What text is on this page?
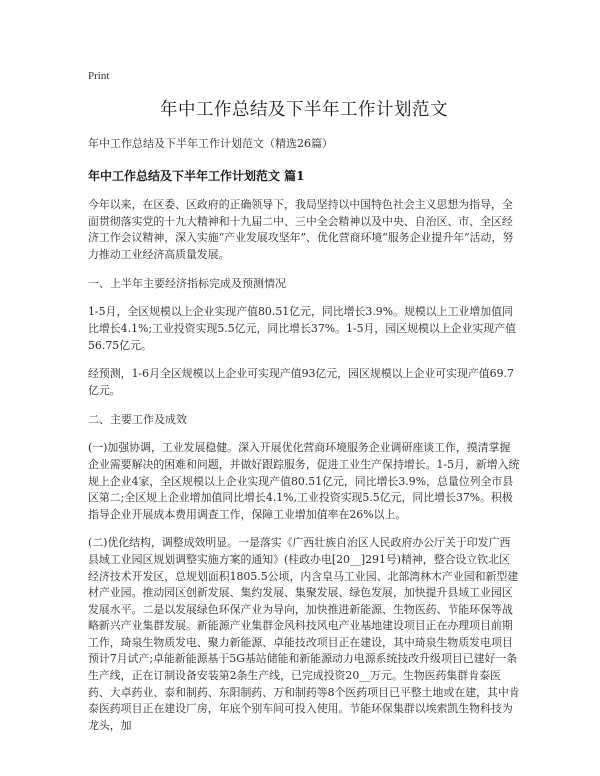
Print
年中工作总结及下半年工作计划范文

年中工作总结及下半年工作计划范文（精选26篇）

年中工作总结及下半年工作计划范文 篇1

今年以来，在区委、区政府的正确领导下，我局坚持以中国特色社会主义思想为指导，全面贯彻落实党的十九大精神和十九届二中、三中全会精神以及中央、自治区、市、全区经济工作会议精神，深入实施“产业发展攻坚年”、优化营商环境“服务企业提升年”活动，努力推动工业经济高质量发展。

一、上半年主要经济指标完成及预测情况

1-5月，全区规模以上企业实现产值80.51亿元，同比增长3.9%。规模以上工业增加值同比增长4.1%;工业投资实现5.5亿元，同比增长37%。1-5月，园区规模以上企业实现产值56.75亿元。

经预测，1-6月全区规模以上企业可实现产值93亿元，园区规模以上企业可实现产值69.7亿元。

二、主要工作及成效

(一)加强协调，工业发展稳健。深入开展优化营商环境服务企业调研座谈工作，摸清掌握企业需要解决的困难和问题，并做好跟踪服务，促进工业生产保持增长。1-5月，新增入统规上企业4家，全区规模以上企业实现产值80.51亿元，同比增长3.9%，总量位列全市县区第二;全区规上企业增加值同比增长4.1%,工业投资实现5.5亿元，同比增长37%。积极指导企业开展成本费用调查工作，保障工业增加值率在26%以上。

(二)优化结构，调整成效明显。一是落实《广西壮族自治区人民政府办公厅关于印发广西县域工业园区规划调整实施方案的通知》(桂政办电[20__]291号)精神，整合设立钦北区经济技术开发区，总规划面积1805.5公顷，内含皇马工业园、北部湾林木产业园和新型建材产业园。推动园区创新发展、集约发展、集聚发展、绿色发展，加快提升县域工业园区发展水平。二是以发展绿色环保产业为导向，加快推进新能源、生物医药、节能环保等战略新兴产业集群发展。新能源产业集群金风科技风电产业基地建设项目正在办理项目前期工作，琦泉生物质发电、聚力新能源、卓能技改项目正在建设，其中琦泉生物质发电项目预计7月试产;卓能新能源基于5G基站储能和新能源动力电源系统技改升级项目已建好一条生产线，正在订制设备安装第2条生产线，已完成投资20__万元。生物医药集群肯泰医药、大卓药业、泰和制药、东阳制药、万和制药等8个医药项目已平整土地或在建，其中肯泰医药项目正在建设厂房，年底个别车间可投入使用。节能环保集群以埃索凯生物科技为龙头，加
